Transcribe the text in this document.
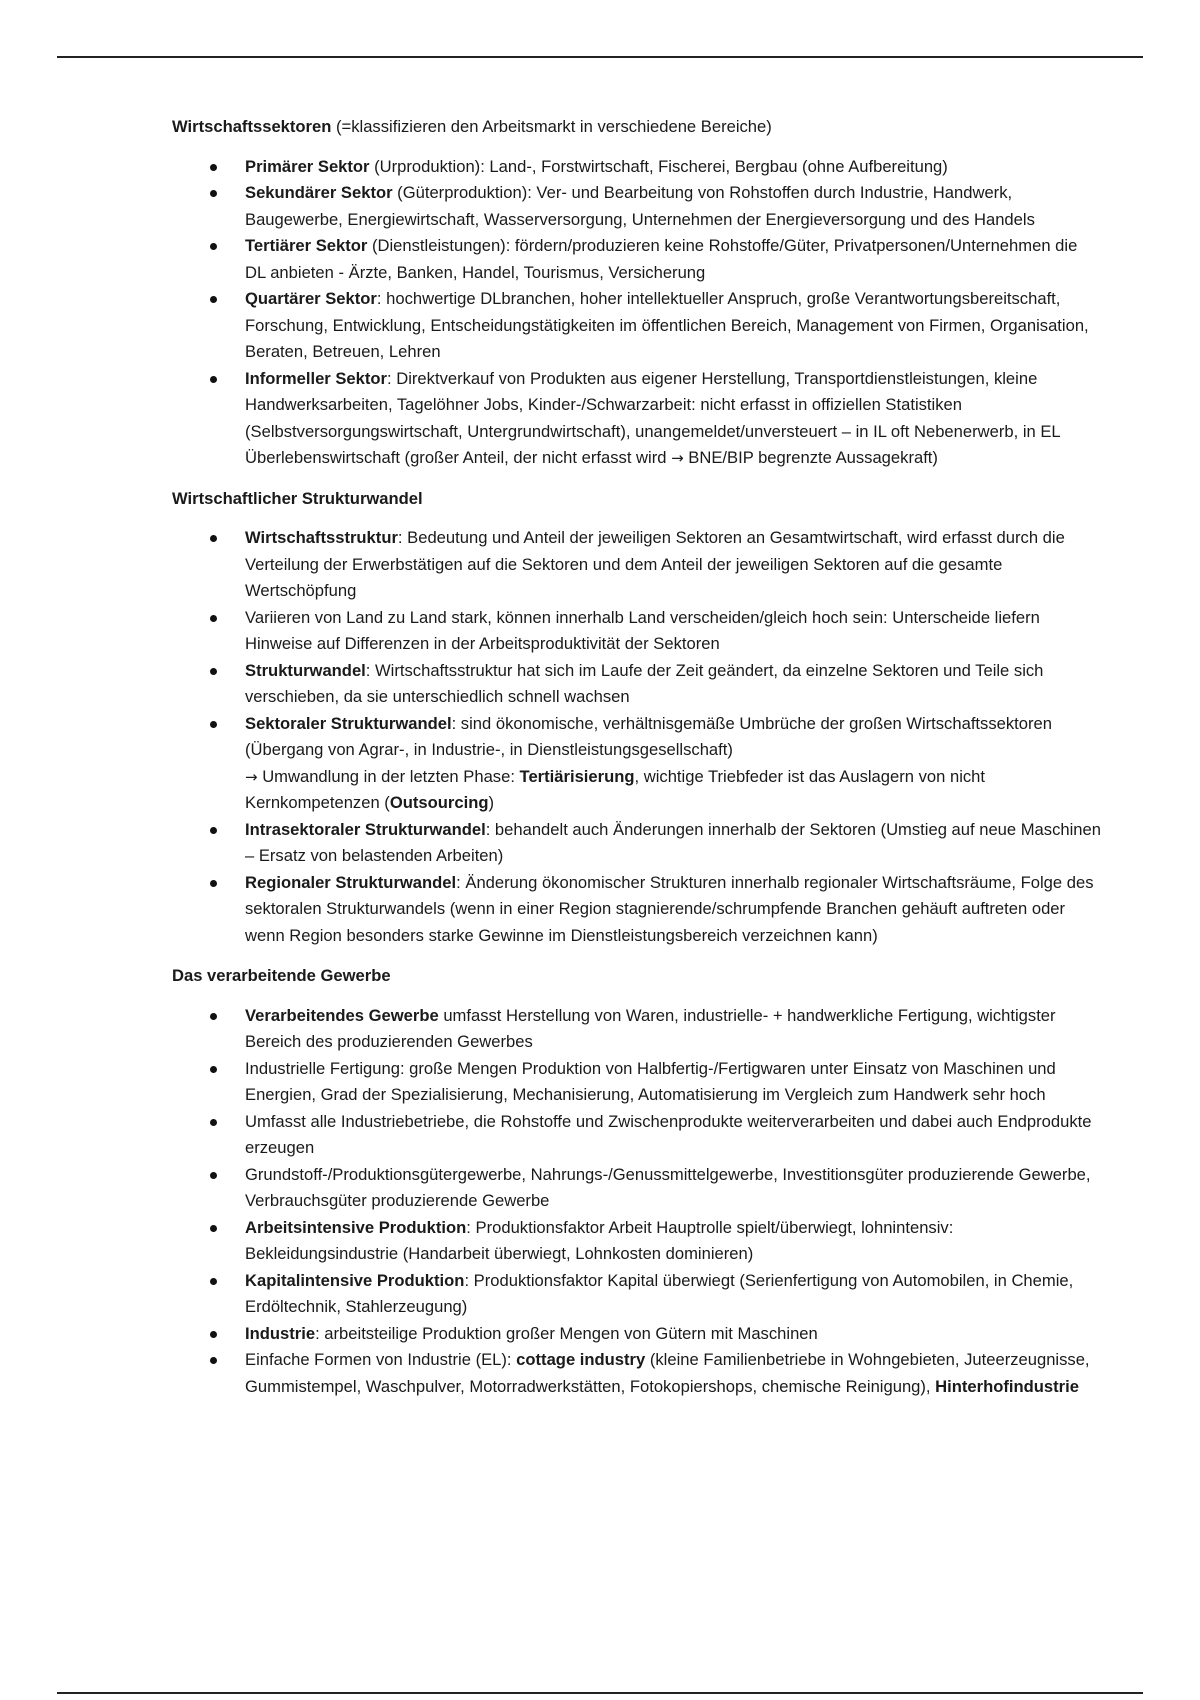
Wirtschaftssektoren (=klassifizieren den Arbeitsmarkt in verschiedene Bereiche)

Primärer Sektor (Urproduktion): Land-, Forstwirtschaft, Fischerei, Bergbau (ohne Aufbereitung)
Sekundärer Sektor (Güterproduktion): Ver- und Bearbeitung von Rohstoffen durch Industrie, Handwerk, Baugewerbe, Energiewirtschaft, Wasserversorgung, Unternehmen der Energieversorgung und des Handels
Tertiärer Sektor (Dienstleistungen): fördern/produzieren keine Rohstoffe/Güter, Privatpersonen/Unternehmen die DL anbieten - Ärzte, Banken, Handel, Tourismus, Versicherung
Quartärer Sektor: hochwertige DLbranchen, hoher intellektueller Anspruch, große Verantwortungsbereitschaft, Forschung, Entwicklung, Entscheidungstätigkeiten im öffentlichen Bereich, Management von Firmen, Organisation, Beraten, Betreuen, Lehren
Informeller Sektor: Direktverkauf von Produkten aus eigener Herstellung, Transportdienstleistungen, kleine Handwerksarbeiten, Tagelöhner Jobs, Kinder-/Schwarzarbeit: nicht erfasst in offiziellen Statistiken (Selbstversorgungswirtschaft, Untergrundwirtschaft), unangemeldet/unversteuert – in IL oft Nebenerwerb, in EL Überlebenswirtschaft (großer Anteil, der nicht erfasst wird → BNE/BIP begrenzte Aussagekraft)

Wirtschaftlicher Strukturwandel

Wirtschaftsstruktur: Bedeutung und Anteil der jeweiligen Sektoren an Gesamtwirtschaft, wird erfasst durch die Verteilung der Erwerbstätigen auf die Sektoren und dem Anteil der jeweiligen Sektoren auf die gesamte Wertschöpfung
Variieren von Land zu Land stark, können innerhalb Land verscheiden/gleich hoch sein: Unterscheide liefern Hinweise auf Differenzen in der Arbeitsproduktivität der Sektoren
Strukturwandel: Wirtschaftsstruktur hat sich im Laufe der Zeit geändert, da einzelne Sektoren und Teile sich verschieben, da sie unterschiedlich schnell wachsen
Sektoraler Strukturwandel: sind ökonomische, verhältnisgemäße Umbrüche der großen Wirtschaftssektoren (Übergang von Agrar-, in Industrie-, in Dienstleistungsgesellschaft)
→ Umwandlung in der letzten Phase: Tertiärisierung, wichtige Triebfeder ist das Auslagern von nicht Kernkompetenzen (Outsourcing)
Intrasektoraler Strukturwandel: behandelt auch Änderungen innerhalb der Sektoren (Umstieg auf neue Maschinen – Ersatz von belastenden Arbeiten)
Regionaler Strukturwandel: Änderung ökonomischer Strukturen innerhalb regionaler Wirtschaftsräume, Folge des sektoralen Strukturwandels (wenn in einer Region stagnierende/schrumpfende Branchen gehäuft auftreten oder wenn Region besonders starke Gewinne im Dienstleistungsbereich verzeichnen kann)

Das verarbeitende Gewerbe

Verarbeitendes Gewerbe umfasst Herstellung von Waren, industrielle- + handwerkliche Fertigung, wichtigster Bereich des produzierenden Gewerbes
Industrielle Fertigung: große Mengen Produktion von Halbfertig-/Fertigwaren unter Einsatz von Maschinen und Energien, Grad der Spezialisierung, Mechanisierung, Automatisierung im Vergleich zum Handwerk sehr hoch
Umfasst alle Industriebetriebe, die Rohstoffe und Zwischenprodukte weiterverarbeiten und dabei auch Endprodukte erzeugen
Grundstoff-/Produktionsgütergewerbe, Nahrungs-/Genussmittelgewerbe, Investitionsgüter produzierende Gewerbe, Verbrauchsgüter produzierende Gewerbe
Arbeitsintensive Produktion: Produktionsfaktor Arbeit Hauptrolle spielt/überwiegt, lohnintensiv: Bekleidungsindustrie (Handarbeit überwiegt, Lohnkosten dominieren)
Kapitalintensive Produktion: Produktionsfaktor Kapital überwiegt (Serienfertigung von Automobilen, in Chemie, Erdöltechnik, Stahlerzeugung)
Industrie: arbeitsteilige Produktion großer Mengen von Gütern mit Maschinen
Einfache Formen von Industrie (EL): cottage industry (kleine Familienbetriebe in Wohngebieten, Juteerzeugnisse, Gummistempel, Waschpulver, Motorradwerkstätten, Fotokopiershops, chemische Reinigung), Hinterhofindustrie
